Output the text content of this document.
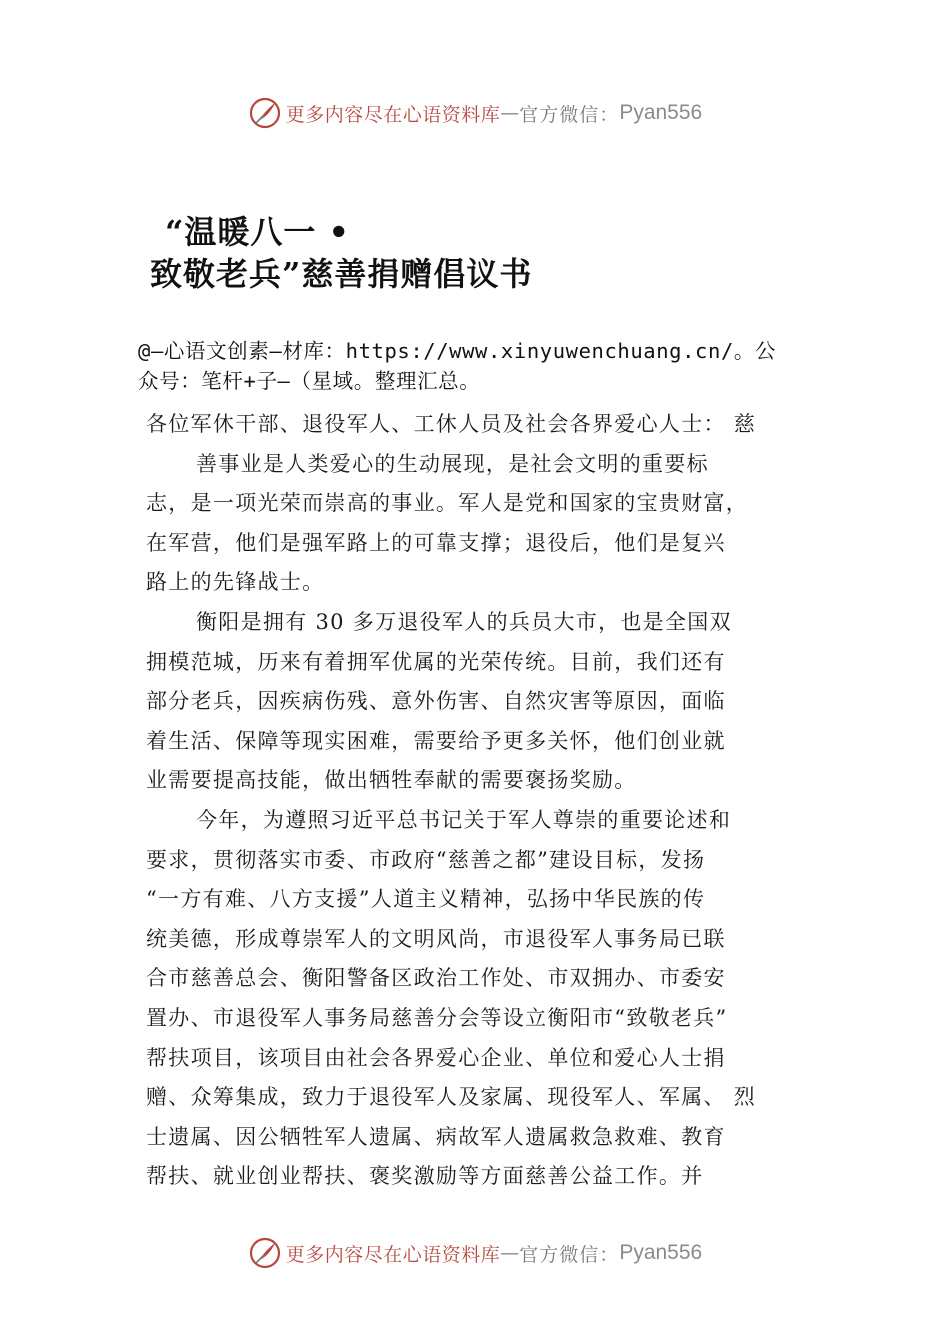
更多内容尽在心语资料库 — 官方微信： Pyan556
“温暖八一 •
致敬老兵”慈善捐赠倡议书
@—心语文创素—材库：https://www.xinyuwenchuang.cn/。公
众号：笔杆+子—（星域。整理汇总。
各位军休干部、退役军人、工休人员及社会各界爱心人士： 慈
善事业是人类爱心的生动展现，是社会文明的重要标
志，是一项光荣而崇高的事业。军人是党和国家的宝贵财富，
在军营，他们是强军路上的可靠支撑；退役后，他们是复兴
路上的先锋战士。
衡阳是拥有 30 多万退役军人的兵员大市，也是全国双
拥模范城，历来有着拥军优属的光荣传统。目前，我们还有
部分老兵，因疾病伤残、意外伤害、自然灾害等原因，面临
着生活、保障等现实困难，需要给予更多关怀，他们创业就
业需要提高技能，做出牺牲奉献的需要褒扬奖励。
今年，为遵照习近平总书记关于军人尊崇的重要论述和
要求，贯彻落实市委、市政府“慈善之都”建设目标，发扬
“一方有难、八方支援”人道主义精神，弘扬中华民族的传
统美德，形成尊崇军人的文明风尚，市退役军人事务局已联
合市慈善总会、衡阳警备区政治工作处、市双拥办、市委安
置办、市退役军人事务局慈善分会等设立衡阳市“致敬老兵”
帮扶项目，该项目由社会各界爱心企业、单位和爱心人士捐
赠、众筹集成，致力于退役军人及家属、现役军人、军属、 烈
士遗属、因公牺牲军人遗属、病故军人遗属救急救难、教育
帮扶、就业创业帮扶、褒奖激励等方面慈善公益工作。并
更多内容尽在心语资料库 — 官方微信： Pyan556
